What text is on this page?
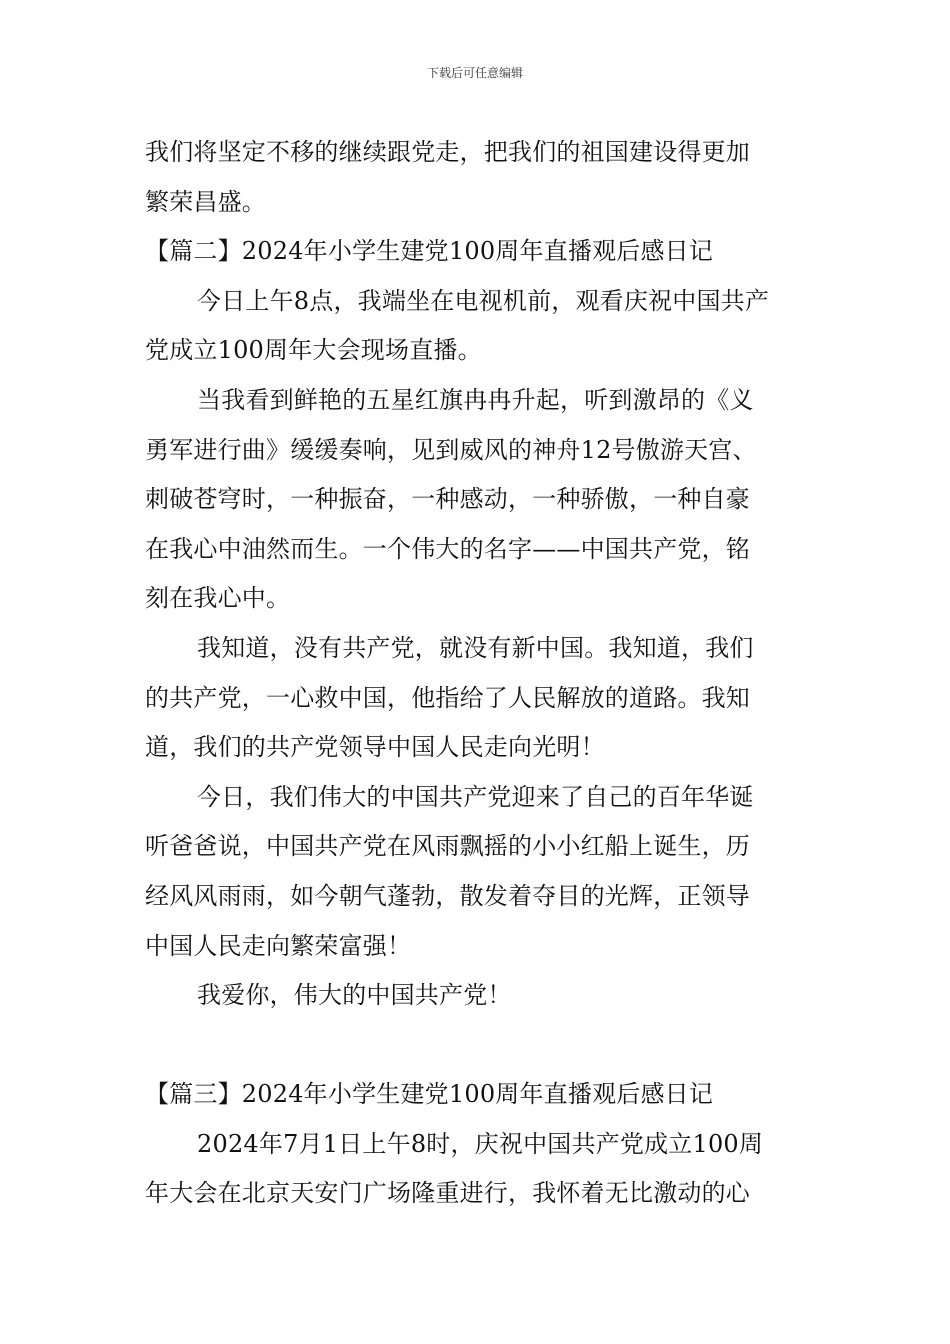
下载后可任意编辑
我们将坚定不移的继续跟党走，把我们的祖国建设得更加
繁荣昌盛。
【篇二】2024年小学生建党100周年直播观后感日记
今日上午8点，我端坐在电视机前，观看庆祝中国共产
党成立100周年大会现场直播。
当我看到鲜艳的五星红旗冉冉升起，听到激昂的《义
勇军进行曲》缓缓奏响，见到威风的神舟12号傲游天宫、
刺破苍穹时，一种振奋，一种感动，一种骄傲，一种自豪
在我心中油然而生。一个伟大的名字——中国共产党，铭
刻在我心中。
我知道，没有共产党，就没有新中国。我知道，我们
的共产党，一心救中国，他指给了人民解放的道路。我知
道，我们的共产党领导中国人民走向光明！
今日，我们伟大的中国共产党迎来了自己的百年华诞
听爸爸说，中国共产党在风雨飘摇的小小红船上诞生，历
经风风雨雨，如今朝气蓬勃，散发着夺目的光辉，正领导
中国人民走向繁荣富强！
我爱你，伟大的中国共产党！
【篇三】2024年小学生建党100周年直播观后感日记
2024年7月1日上午8时，庆祝中国共产党成立100周
年大会在北京天安门广场隆重进行，我怀着无比激动的心
